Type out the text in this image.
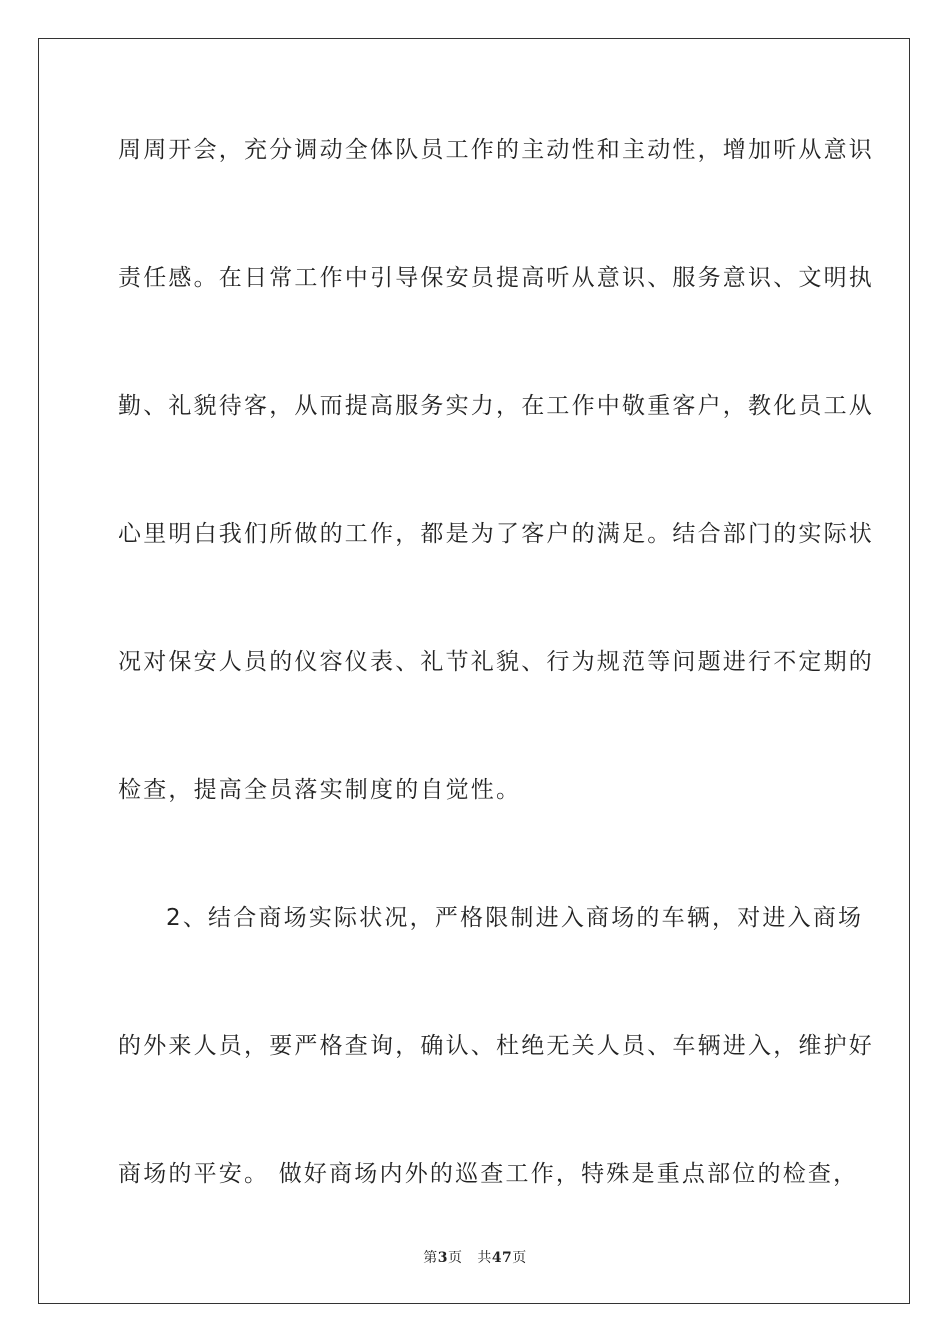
周周开会，充分调动全体队员工作的主动性和主动性，增加听从意识
责任感。在日常工作中引导保安员提高听从意识、服务意识、文明执
勤、礼貌待客，从而提高服务实力，在工作中敬重客户，教化员工从
心里明白我们所做的工作，都是为了客户的满足。结合部门的实际状
况对保安人员的仪容仪表、礼节礼貌、行为规范等问题进行不定期的
检查，提高全员落实制度的自觉性。
2、结合商场实际状况，严格限制进入商场的车辆，对进入商场
的外来人员，要严格查询，确认、杜绝无关人员、车辆进入，维护好
商场的平安。 做好商场内外的巡查工作，特殊是重点部位的检查，
第3页 共47页
